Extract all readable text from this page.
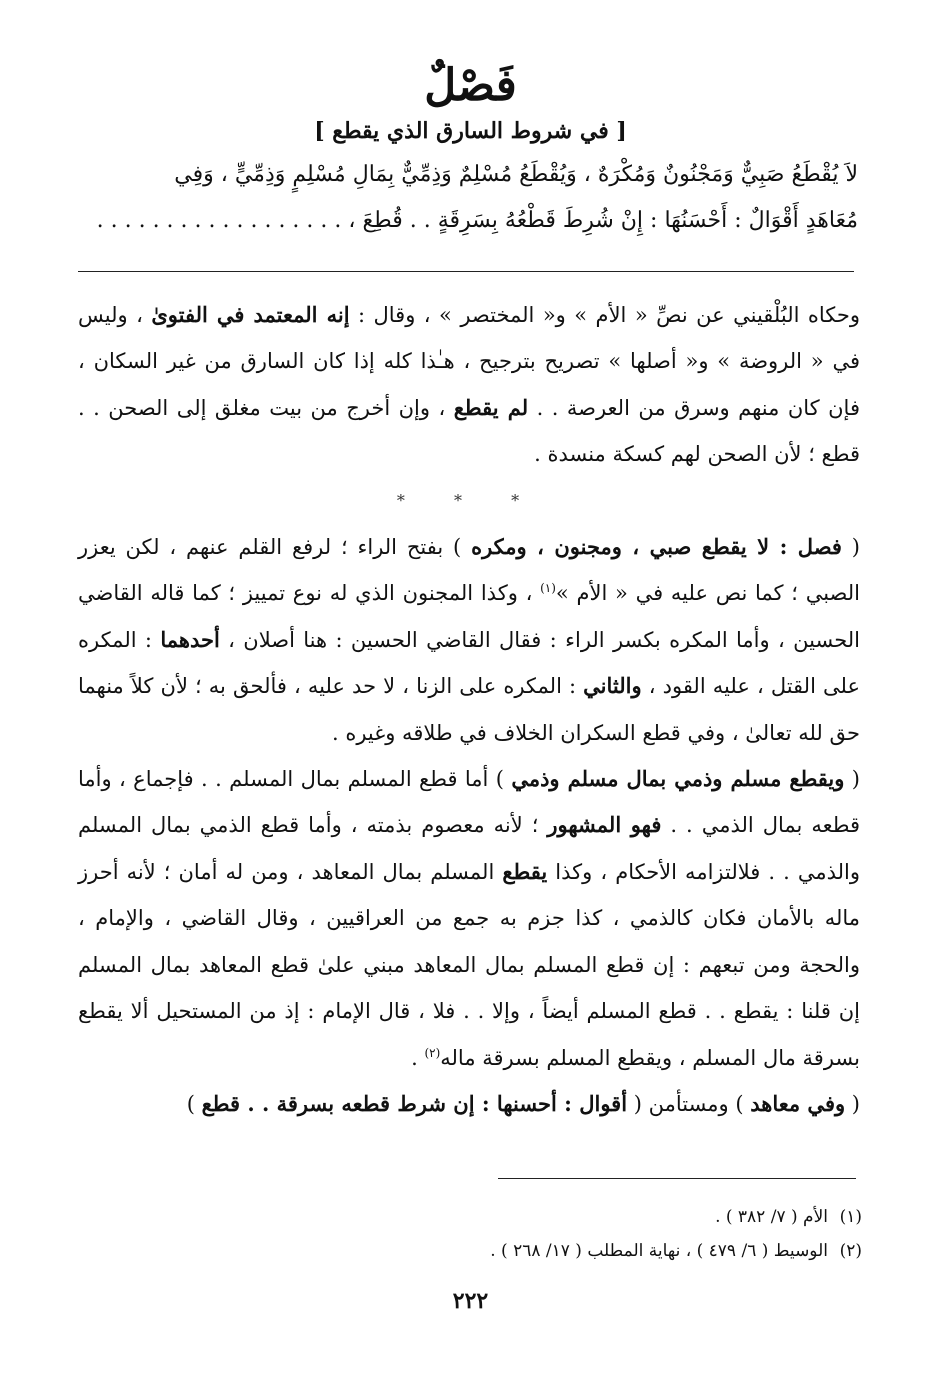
فَصْلٌ
[ في شروط السارق الذي يقطع ]

لاَ يُقْطَعُ صَبِيٌّ وَمَجْنُونٌ وَمُكْرَهٌ ، وَيُقْطَعُ مُسْلِمٌ وَذِمِّيٌّ بِمَالِ مُسْلِمٍ وَذِمِّيٍّ ، وَفِي

مُعَاهَدٍ أَقْوَالٌ : أَحْسَنُهَا : إِنْ شُرِطَ قَطْعُهُ بِسَرِقَةٍ . . قُطِعَ ، . . . . . . . . . . . . . . . . . .

وحكاه البُلْقيني عن نصِّ « الأم » و« المختصر » ، وقال : إنه المعتمد في الفتوىٰ ، وليس في « الروضة » و« أصلها » تصريح بترجيح ، هـٰذا كله إذا كان السارق من غير السكان ، فإن كان منهم وسرق من العرصة . . لم يقطع ، وإن أخرج من بيت مغلق إلى الصحن . . قطع ؛ لأن الصحن لهم كسكة منسدة .

* * *

( فصل : لا يقطع صبي ، ومجنون ، ومكره ) بفتح الراء ؛ لرفع القلم عنهم ، لكن يعزر الصبي ؛ كما نص عليه في « الأم »$^{(١)}$ ، وكذا المجنون الذي له نوع تمييز ؛ كما قاله القاضي الحسين ، وأما المكره بكسر الراء : فقال القاضي الحسين : هنا أصلان ، أحدهما : المكره على القتل ، عليه القود ، والثاني : المكره على الزنا ، لا حد عليه ، فألحق به ؛ لأن كلاً منهما حق لله تعالىٰ ، وفي قطع السكران الخلاف في طلاقه وغيره .

( ويقطع مسلم وذمي بمال مسلم وذمي ) أما قطع المسلم بمال المسلم . . فإجماع ، وأما قطعه بمال الذمي . . فهو المشهور ؛ لأنه معصوم بذمته ، وأما قطع الذمي بمال المسلم والذمي . . فلالتزامه الأحكام ، وكذا يقطع المسلم بمال المعاهد ، ومن له أمان ؛ لأنه أحرز ماله بالأمان فكان كالذمي ، كذا جزم به جمع من العراقيين ، وقال القاضي ، والإمام ، والحجة ومن تبعهم : إن قطع المسلم بمال المعاهد مبني علىٰ قطع المعاهد بمال المسلم إن قلنا : يقطع . . قطع المسلم أيضاً ، وإلا . . فلا ، قال الإمام : إذ من المستحيل ألا يقطع بسرقة مال المسلم ، ويقطع المسلم بسرقة ماله$^{(٢)}$ .

( وفي معاهد ) ومستأمن ( أقوال : أحسنها : إن شرط قطعه بسرقة . . قطع )

(١)الأم ( ٧/ ٣٨٢ ) .

(٢)الوسيط ( ٦/ ٤٧٩ ) ، نهاية المطلب ( ١٧/ ٢٦٨ ) .

٢٢٢
